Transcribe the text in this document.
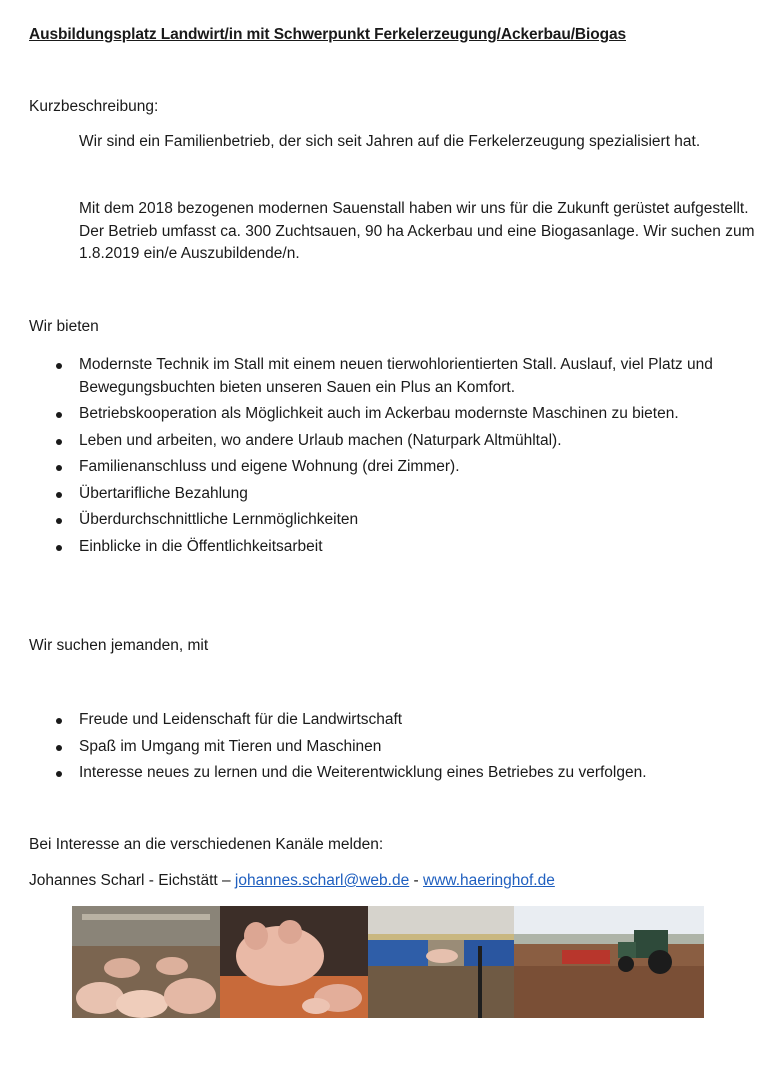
Ausbildungsplatz Landwirt/in mit Schwerpunkt Ferkelerzeugung/Ackerbau/Biogas
Kurzbeschreibung:

Wir sind ein Familienbetrieb, der sich seit Jahren auf die Ferkelerzeugung spezialisiert hat.

Mit dem 2018 bezogenen modernen Sauenstall haben wir uns für die Zukunft gerüstet aufgestellt. Der Betrieb umfasst ca. 300 Zuchtsauen, 90 ha Ackerbau und eine Biogasanlage. Wir suchen zum 1.8.2019 ein/e Auszubildende/n.

Wir bieten
Modernste Technik im Stall mit einem neuen tierwohlorientierten Stall. Auslauf, viel Platz und Bewegungsbuchten bieten unseren Sauen ein Plus an Komfort.
Betriebskooperation als Möglichkeit auch im Ackerbau modernste Maschinen zu bieten.
Leben und arbeiten, wo andere Urlaub machen (Naturpark Altmühltal).
Familienanschluss und eigene Wohnung (drei Zimmer).
Übertarifliche Bezahlung
Überdurchschnittliche Lernmöglichkeiten
Einblicke in die Öffentlichkeitsarbeit
Wir suchen jemanden, mit
Freude und Leidenschaft für die Landwirtschaft
Spaß im Umgang mit Tieren und Maschinen
Interesse neues zu lernen und die Weiterentwicklung eines Betriebes zu verfolgen.
Bei Interesse an die verschiedenen Kanäle melden:
Johannes Scharl - Eichstätt – johannes.scharl@web.de - www.haeringhof.de
